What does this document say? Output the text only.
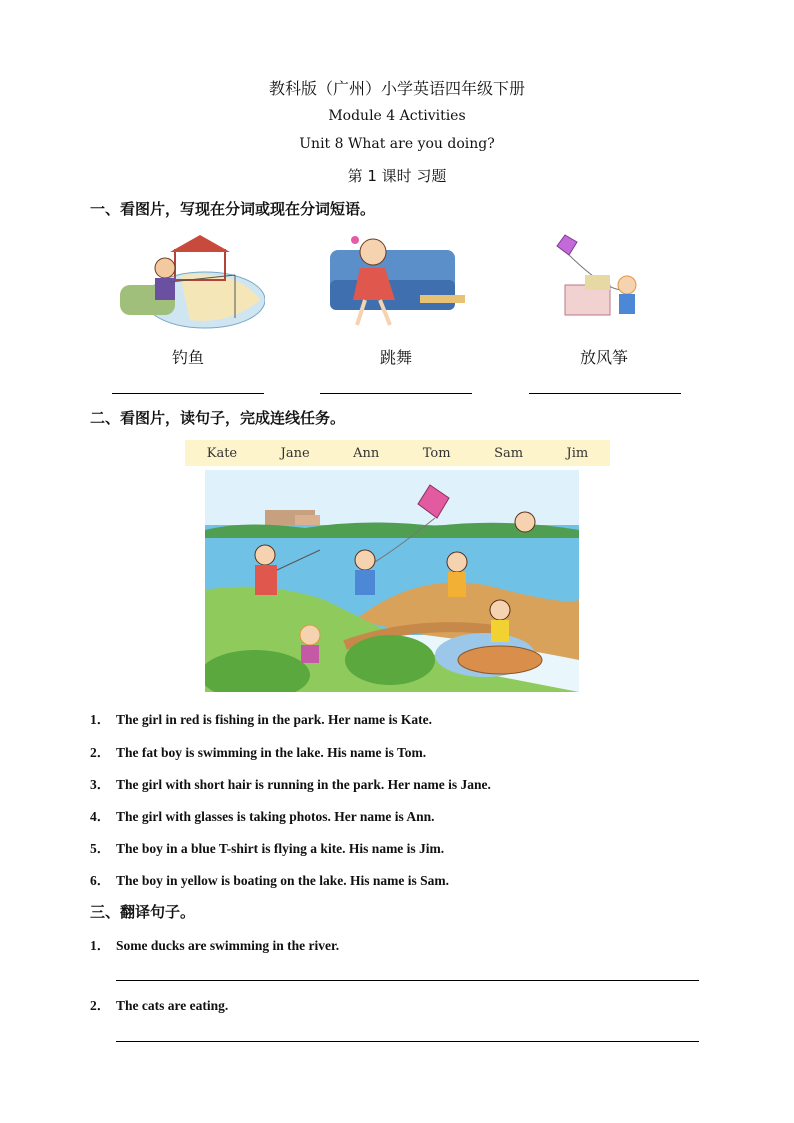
教科版（广州）小学英语四年级下册
Module 4 Activities
Unit 8 What are you doing?
第 1 课时 习题
一、看图片，写现在分词或现在分词短语。
钓鱼	跳舞	放风筝
二、看图片，读句子，完成连线任务。
Kate	Jane	Ann	Tom	Sam	Jim
1． The girl in red is fishing in the park. Her name is Kate.
2． The fat boy is swimming in the lake. His name is Tom.
3． The girl with short hair is running in the park. Her name is Jane.
4． The girl with glasses is taking photos. Her name is Ann.
5． The boy in a blue T-shirt is flying a kite. His name is Jim.
6． The boy in yellow is boating on the lake. His name is Sam.
三、翻译句子。
1． Some ducks are swimming in the river.
2． The cats are eating.
